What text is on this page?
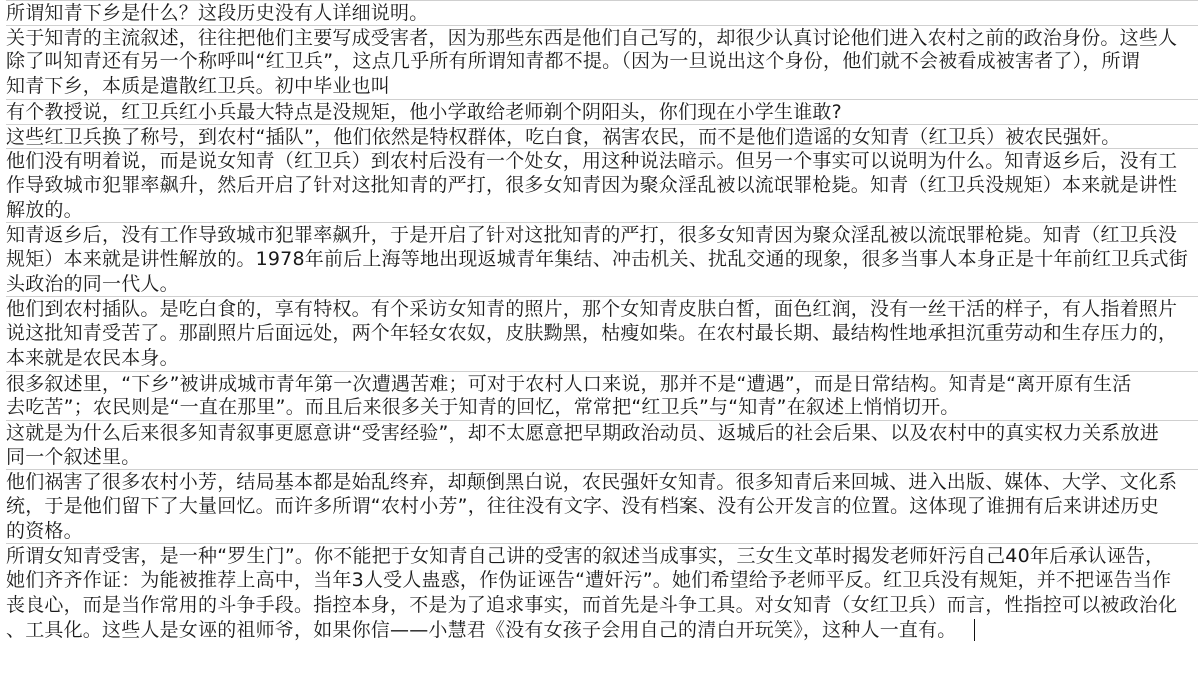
所谓知青下乡是什么？这段历史没有人详细说明。
关于知青的主流叙述，往往把他们主要写成受害者，因为那些东西是他们自己写的，却很少认真讨论他们进入农村之前的政治身份。这些人
除了叫知青还有另一个称呼叫“红卫兵”，这点几乎所有所谓知青都不提。（因为一旦说出这个身份，他们就不会被看成被害者了），所谓
知青下乡，本质是遣散红卫兵。初中毕业也叫
有个教授说，红卫兵红小兵最大特点是没规矩，他小学敢给老师剃个阴阳头，你们现在小学生谁敢?
这些红卫兵换了称号，到农村“插队”，他们依然是特权群体，吃白食，祸害农民，而不是他们造谣的女知青（红卫兵）被农民强奸。
他们没有明着说，而是说女知青（红卫兵）到农村后没有一个处女，用这种说法暗示。但另一个事实可以说明为什么。知青返乡后，没有工
作导致城市犯罪率飙升，然后开启了针对这批知青的严打，很多女知青因为聚众淫乱被以流氓罪枪毙。知青（红卫兵没规矩）本来就是讲性
解放的。
知青返乡后，没有工作导致城市犯罪率飙升，于是开启了针对这批知青的严打，很多女知青因为聚众淫乱被以流氓罪枪毙。知青（红卫兵没
规矩）本来就是讲性解放的。1978年前后上海等地出现返城青年集结、冲击机关、扰乱交通的现象，很多当事人本身正是十年前红卫兵式街
头政治的同一代人。
他们到农村插队。是吃白食的，享有特权。有个采访女知青的照片，那个女知青皮肤白皙，面色红润，没有一丝干活的样子，有人指着照片
说这批知青受苦了。那副照片后面远处，两个年轻女农奴，皮肤黝黑，枯瘦如柴。在农村最长期、最结构性地承担沉重劳动和生存压力的，
本来就是农民本身。
很多叙述里，“下乡”被讲成城市青年第一次遭遇苦难；可对于农村人口来说，那并不是“遭遇”，而是日常结构。知青是“离开原有生活
去吃苦”；农民则是“一直在那里”。而且后来很多关于知青的回忆，常常把“红卫兵”与“知青”在叙述上悄悄切开。
这就是为什么后来很多知青叙事更愿意讲“受害经验”，却不太愿意把早期政治动员、返城后的社会后果、以及农村中的真实权力关系放进
同一个叙述里。
他们祸害了很多农村小芳，结局基本都是始乱终弃，却颠倒黑白说，农民强奸女知青。很多知青后来回城、进入出版、媒体、大学、文化系
统，于是他们留下了大量回忆。而许多所谓“农村小芳”，往往没有文字、没有档案、没有公开发言的位置。这体现了谁拥有后来讲述历史
的资格。
所谓女知青受害，是一种“罗生门”。你不能把于女知青自己讲的受害的叙述当成事实，三女生文革时揭发老师奸污自己40年后承认诬告，
她们齐齐作证：为能被推荐上高中，当年3人受人蛊惑，作伪证诬告“遭奸污”。她们希望给予老师平反。红卫兵没有规矩，并不把诬告当作
丧良心，而是当作常用的斗争手段。指控本身，不是为了追求事实，而首先是斗争工具。对女知青（女红卫兵）而言，性指控可以被政治化
、工具化。这些人是女诬的祖师爷，如果你信——小慧君《没有女孩子会用自己的清白开玩笑》，这种人一直有。
